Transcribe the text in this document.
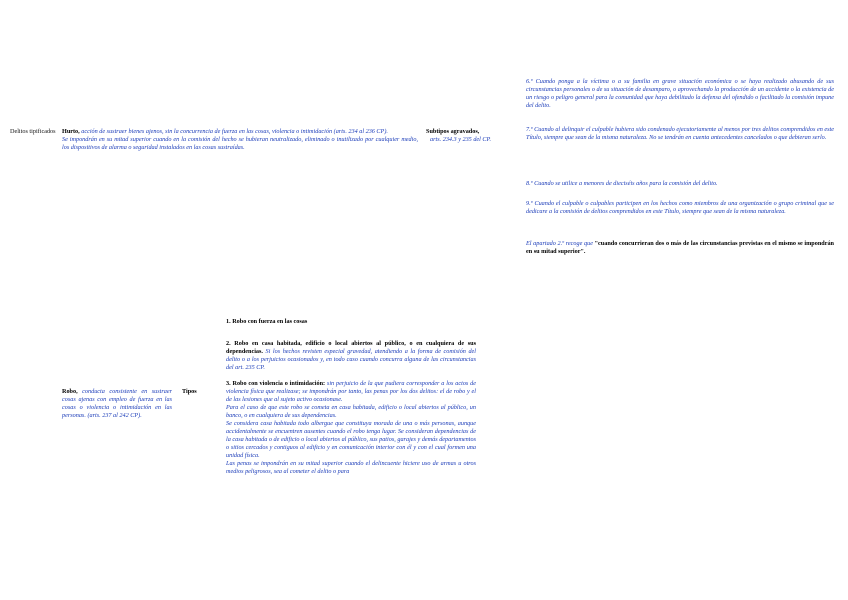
Delitos tipificados Hurto, acción de sustraer bienes ajenos, sin la concurrencia de fuerza en las cosas, violencia o intimidación (arts. 234 al 236 CP).
Se impondrán en su mitad superior cuando en la comisión del hecho se hubieran neutralizado, eliminado o inutilizado por cualquier medio, los dispositivos de alarma o seguridad instalados en las cosas sustraídas.
Subtipos agravados,
arts. 234.3 y 235 del CP.
6.º Cuando ponga a la víctima o a su familia en grave situación económica o se haya realizado abusando de sus circunstancias personales o de su situación de desamparo, o aprovechando la producción de un accidente o la existencia de un riesgo o peligro general para la comunidad que haya debilitado la defensa del ofendido o facilitado la comisión impune del delito.
7.º Cuando al delinquir el culpable hubiera sido condenado ejecutoriamente al menos por tres delitos comprendidos en este Título, siempre que sean de la misma naturaleza. No se tendrán en cuenta antecedentes cancelados o que debieran serlo.
8.º Cuando se utilice a menores de dieciséis años para la comisión del delito.
9.º Cuando el culpable o culpables participen en los hechos como miembros de una organización o grupo criminal que se dedicare a la comisión de delitos comprendidos en este Título, siempre que sean de la misma naturaleza.
El apartado 2.º recoge que "cuando concurrieran dos o más de las circunstancias previstas en el mismo se impondrán en su mitad superior".
Robo, conducta consistente en sustraer cosas ajenas con empleo de fuerza en las cosas o violencia o intimidación en las personas. (arts. 237 al 242 CP).
Tipos
1. Robo con fuerza en las cosas
2. Robo en casa habitada, edificio o local abiertos al público, o en cualquiera de sus dependencias. Si los hechos revisten especial gravedad, atendiendo a la forma de comisión del delito o a los perjuicios ocasionados y, en todo caso cuando concurra alguna de las circunstancias del art. 235 CP.
3. Robo con violencia o intimidación: sin perjuicio de la que pudiera corresponder a los actos de violencia física que realizase; se impondrán por tanto, las penas por los dos delitos: el de robo y el de las lesiones que al sujeto activo ocasionase.
Para el caso de que este robo se cometa en casa habitada, edificio o local abiertos al público, un banco, o en cualquiera de sus dependencias.
Se considera casa habitada todo albergue que constituya morada de una o más personas, aunque accidentalmente se encuentren ausentes cuando el robo tenga lugar. Se consideran dependencias de la casa habitada o de edificio o local abiertos al público, sus patios, garajes y demás departamentos o sitios cercados y contiguos al edificio y en comunicación interior con él y con el cual formen una unidad física.
Las penas se impondrán en su mitad superior cuando el delincuente hiciere uso de armas u otros medios peligrosos, sea al cometer el delito o para
